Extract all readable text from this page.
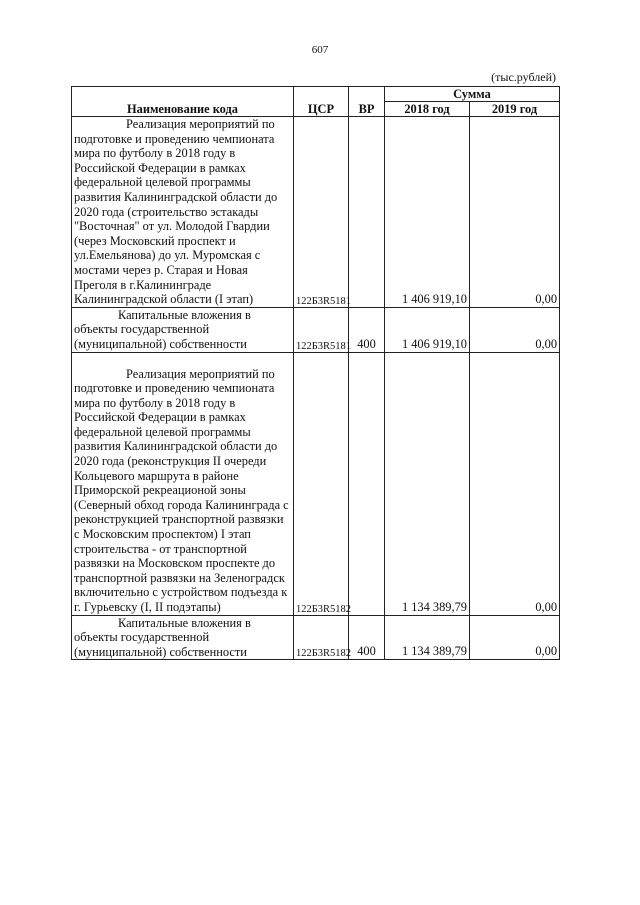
607
(тыс.рублей)
Наименование кода	ЦСР	ВР	Сумма	
			2018 год	2019 год
Реализация мероприятий по подготовке и проведению чемпионата мира по футболу в 2018 году в Российской Федерации в рамках федеральной целевой программы развития Калининградской области до 2020 года (строительство эстакады "Восточная" от ул. Молодой Гвардии (через Московский проспект и ул.Емельянова) до ул. Муромская с мостами через р. Старая и Новая Преголя в г.Калининграде Калининградской области (I этап)	122Б3R5181		1 406 919,10	0,00
Капитальные вложения в объекты государственной (муниципальной) собственности	122Б3R5181	400	1 406 919,10	0,00
Реализация мероприятий по подготовке и проведению чемпионата мира по футболу в 2018 году в Российской Федерации в рамках федеральной целевой программы развития Калининградской области до 2020 года (реконструкция II очереди Кольцевого маршрута в районе Приморской рекреационой зоны (Северный обход города Калининграда с реконструкцией транспортной развязки с Московским проспектом) I этап строительства - от транспортной развязки на Московском проспекте до транспортной развязки на Зеленоградск включительно с устройством подъезда к г. Гурьевску (I, II подэтапы)	122Б3R5182		1 134 389,79	0,00
Капитальные вложения в объекты государственной (муниципальной) собственности	122Б3R5182	400	1 134 389,79	0,00
